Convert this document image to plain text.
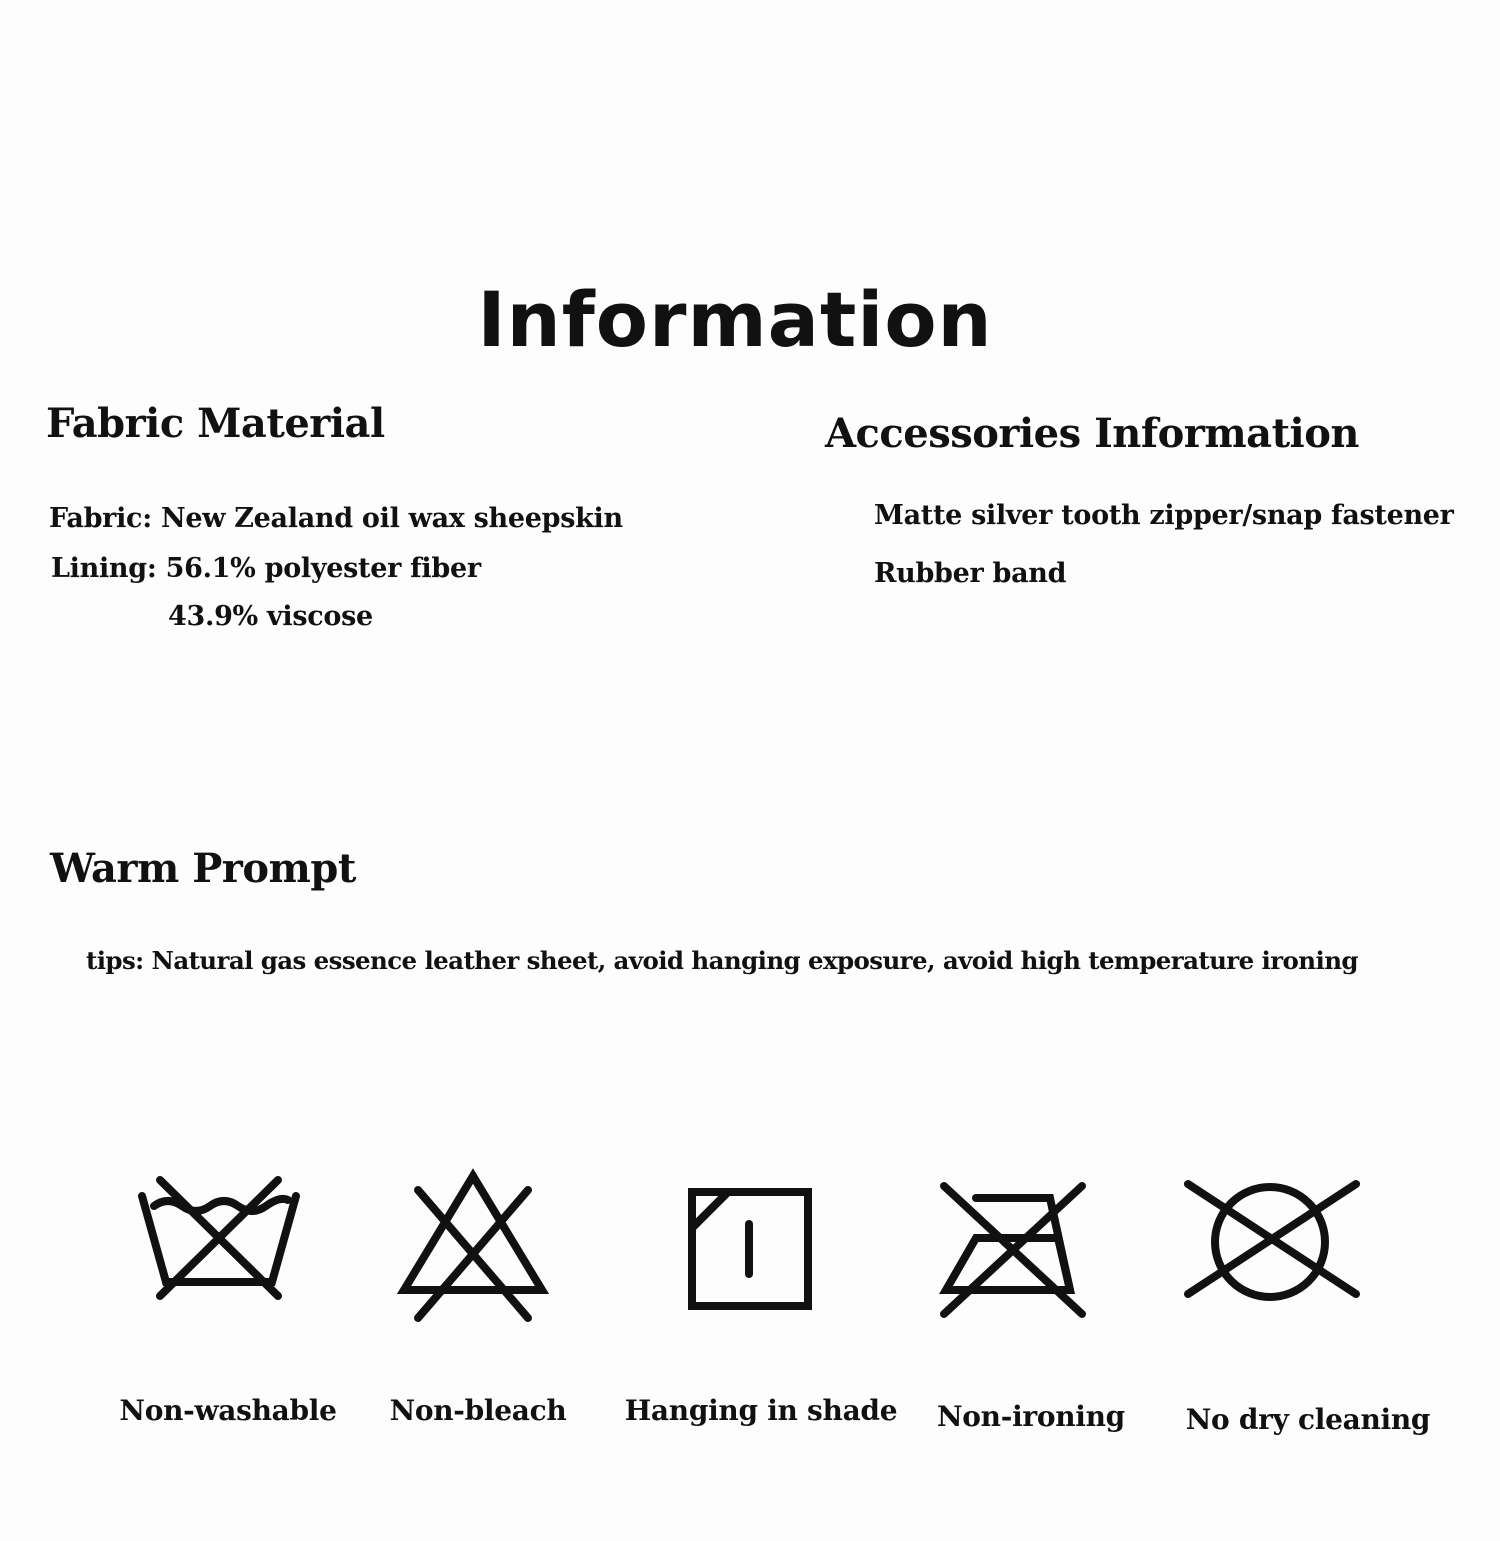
Information
Fabric Material
Fabric: New Zealand oil wax sheepskin
Lining: 56.1% polyester fiber
43.9% viscose
Accessories Information
Matte silver tooth zipper/snap fastener
Rubber band
Warm Prompt
tips: Natural gas essence leather sheet, avoid hanging exposure, avoid high temperature ironing
Non-washable	Non-bleach	Hanging in shade	Non-ironing	No dry cleaning
